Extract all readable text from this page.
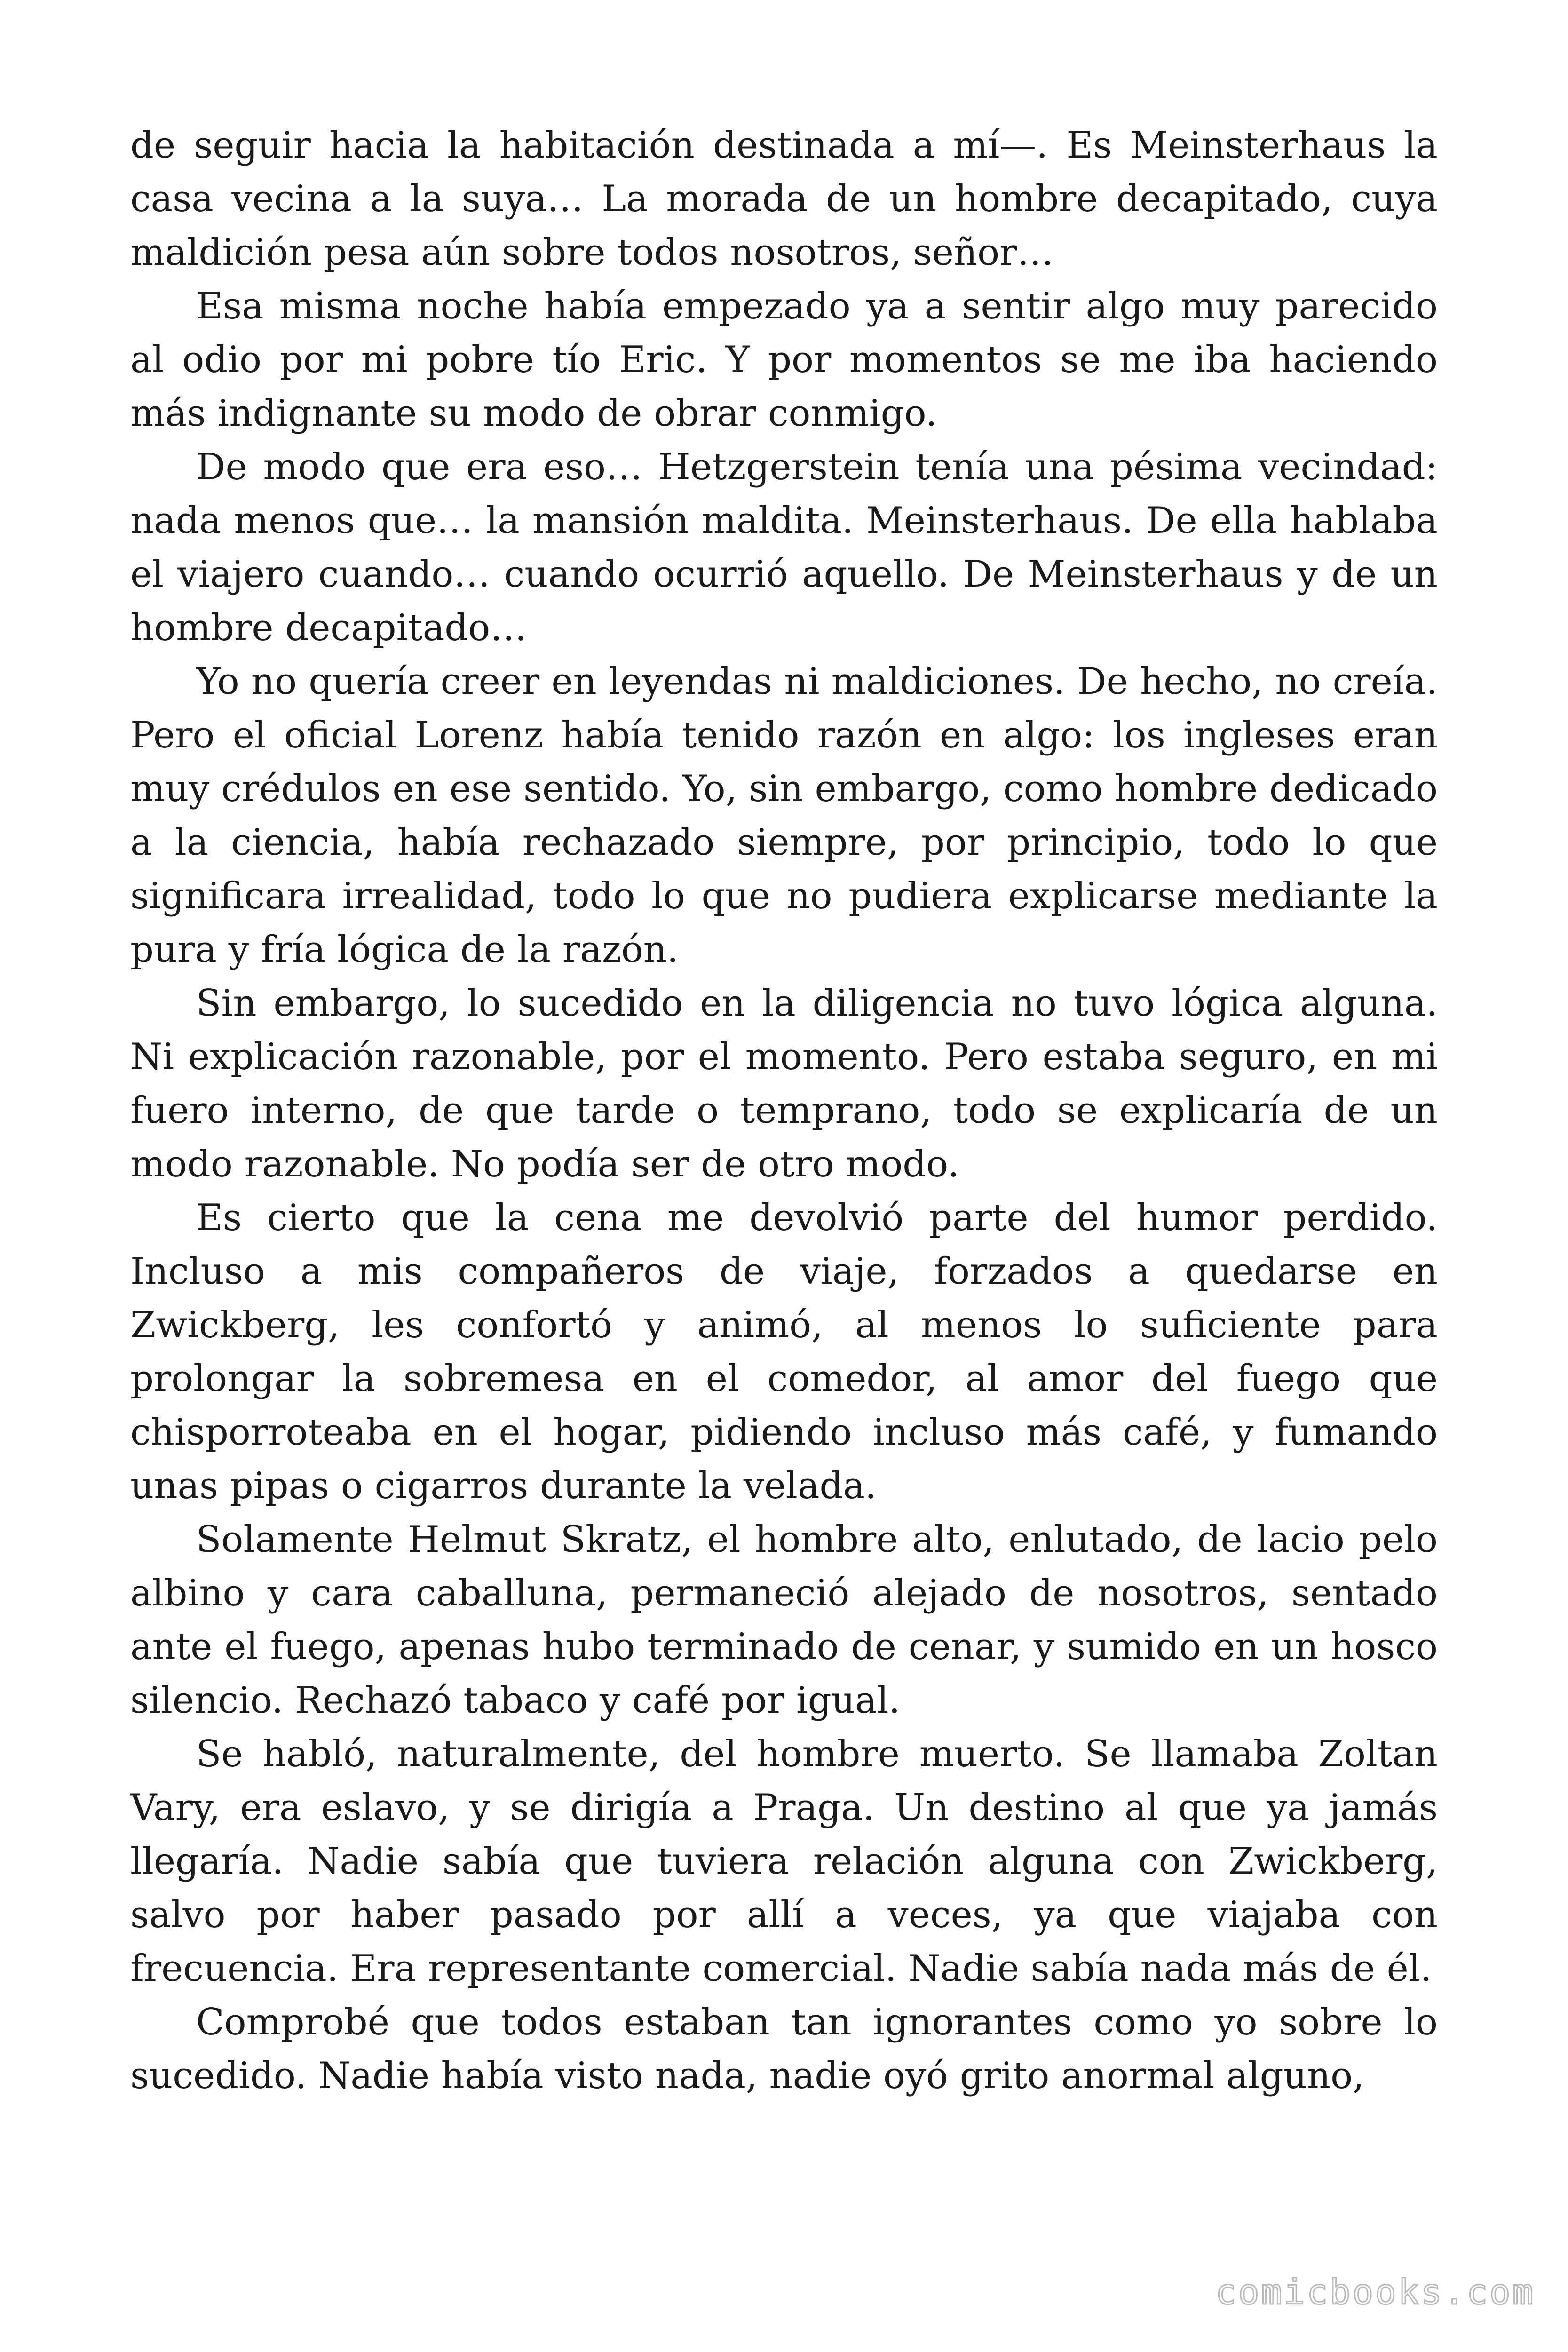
de seguir hacia la habitación destinada a mí—. Es Meinsterhaus la casa vecina a la suya… La morada de un hombre decapitado, cuya maldición pesa aún sobre todos nosotros, señor…

Esa misma noche había empezado ya a sentir algo muy parecido al odio por mi pobre tío Eric. Y por momentos se me iba haciendo más indignante su modo de obrar conmigo.

De modo que era eso… Hetzgerstein tenía una pésima vecindad: nada menos que… la mansión maldita. Meinsterhaus. De ella hablaba el viajero cuando… cuando ocurrió aquello. De Meinsterhaus y de un hombre decapitado…

Yo no quería creer en leyendas ni maldiciones. De hecho, no creía. Pero el oficial Lorenz había tenido razón en algo: los ingleses eran muy crédulos en ese sentido. Yo, sin embargo, como hombre dedicado a la ciencia, había rechazado siempre, por principio, todo lo que significara irrealidad, todo lo que no pudiera explicarse mediante la pura y fría lógica de la razón.

Sin embargo, lo sucedido en la diligencia no tuvo lógica alguna. Ni explicación razonable, por el momento. Pero estaba seguro, en mi fuero interno, de que tarde o temprano, todo se explicaría de un modo razonable. No podía ser de otro modo.

Es cierto que la cena me devolvió parte del humor perdido. Incluso a mis compañeros de viaje, forzados a quedarse en Zwickberg, les confortó y animó, al menos lo suficiente para prolongar la sobremesa en el comedor, al amor del fuego que chisporroteaba en el hogar, pidiendo incluso más café, y fumando unas pipas o cigarros durante la velada.

Solamente Helmut Skratz, el hombre alto, enlutado, de lacio pelo albino y cara caballuna, permaneció alejado de nosotros, sentado ante el fuego, apenas hubo terminado de cenar, y sumido en un hosco silencio. Rechazó tabaco y café por igual.

Se habló, naturalmente, del hombre muerto. Se llamaba Zoltan Vary, era eslavo, y se dirigía a Praga. Un destino al que ya jamás llegaría. Nadie sabía que tuviera relación alguna con Zwickberg, salvo por haber pasado por allí a veces, ya que viajaba con frecuencia. Era representante comercial. Nadie sabía nada más de él.

Comprobé que todos estaban tan ignorantes como yo sobre lo sucedido. Nadie había visto nada, nadie oyó grito anormal alguno,

comicbooks.com
